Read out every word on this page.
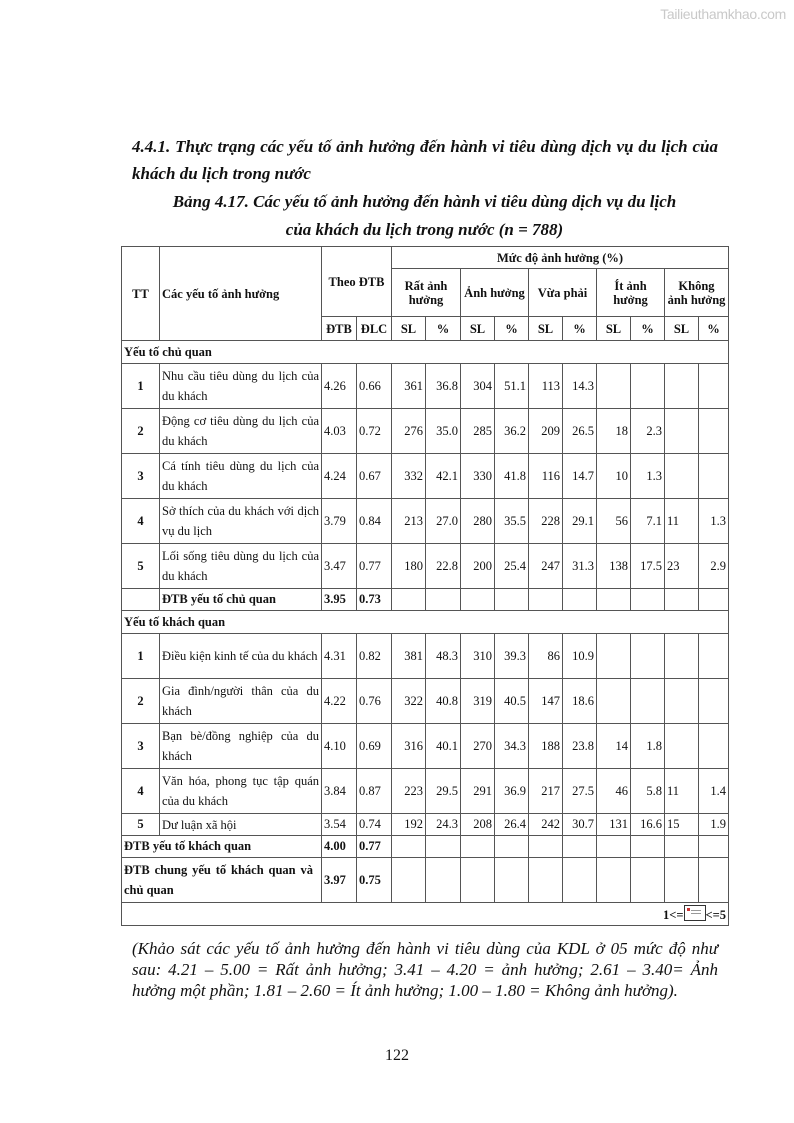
Tailieuthamkhao.com
4.4.1. Thực trạng các yếu tố ảnh hưởng đến hành vi tiêu dùng dịch vụ du lịch của khách du lịch trong nước
Bảng 4.17. Các yếu tố ảnh hưởng đến hành vi tiêu dùng dịch vụ du lịch
của khách du lịch trong nước (n = 788)
TT	Các yếu tố ảnh hưởng	Theo ĐTB		Mức độ ảnh hưởng (%)									
				Rất ảnh hưởng		Ảnh hưởng		Vừa phải		Ít ảnh hưởng		Không ảnh hưởng	
		ĐTB	ĐLC	SL	%	SL	%	SL	%	SL	%	SL	%
Yếu tố chủ quan													
1	Nhu cầu tiêu dùng du lịch của du khách	4.26	0.66	361	36.8	304	51.1	113	14.3				
2	Động cơ tiêu dùng du lịch của du khách	4.03	0.72	276	35.0	285	36.2	209	26.5	18	2.3		
3	Cá tính tiêu dùng du lịch của du khách	4.24	0.67	332	42.1	330	41.8	116	14.7	10	1.3		
4	Sở thích của du khách với dịch vụ du lịch	3.79	0.84	213	27.0	280	35.5	228	29.1	56	7.1	11	1.3
5	Lối sống tiêu dùng du lịch của du khách	3.47	0.77	180	22.8	200	25.4	247	31.3	138	17.5	23	2.9
	ĐTB yếu tố chủ quan	3.95	0.73										
Yếu tố khách quan													
1	Điều kiện kinh tế của du khách	4.31	0.82	381	48.3	310	39.3	86	10.9				
2	Gia đình/người thân của du khách	4.22	0.76	322	40.8	319	40.5	147	18.6				
3	Bạn bè/đồng nghiệp của du khách	4.10	0.69	316	40.1	270	34.3	188	23.8	14	1.8		
4	Văn hóa, phong tục tập quán của du khách	3.84	0.87	223	29.5	291	36.9	217	27.5	46	5.8	11	1.4
5	Dư luận xã hội	3.54	0.74	192	24.3	208	26.4	242	30.7	131	16.6	15	1.9
ĐTB yếu tố khách quan		4.00	0.77										
ĐTB chung yếu tố khách quan và chủ quan		3.97	0.75										
1<= <=5													
(Khảo sát các yếu tố ảnh hưởng đến hành vi tiêu dùng của KDL ở 05 mức độ như sau: 4.21 – 5.00 = Rất ảnh hưởng; 3.41 – 4.20 = ảnh hưởng; 2.61 – 3.40= Ảnh hưởng một phần; 1.81 – 2.60 = Ít ảnh hưởng; 1.00 – 1.80 = Không ảnh hưởng).
122
